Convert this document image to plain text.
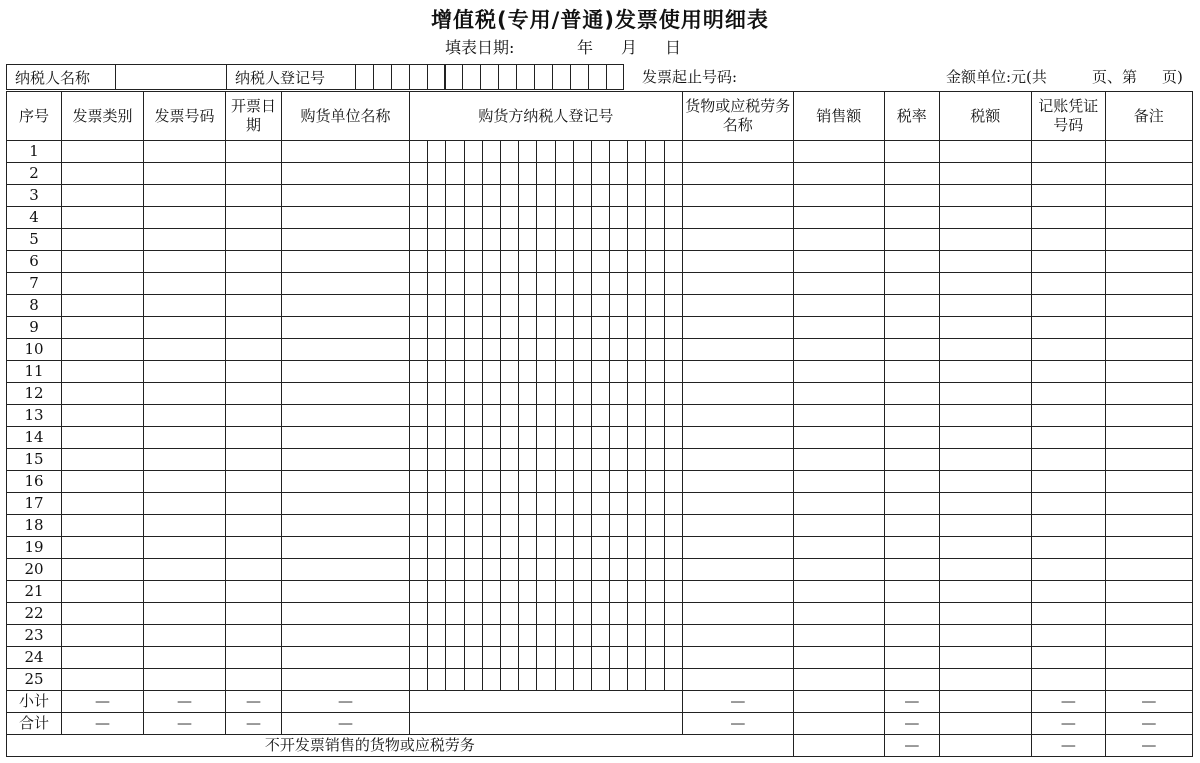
增值税(专用/普通)发票使用明细表
填表日期:	年	月	日
纳税人名称	纳税人登记号	发票起止号码:	金额单位:元(共	页、第 页)
序号	发票类别	发票号码	开票日期	购货单位名称	购货方纳税人登记号															货物或应税劳务名称	销售额	税率	税额	记账凭证号码	备注
1																									
2																									
3																									
4																									
5																									
6																									
7																									
8																									
9																									
10																									
11																									
12																									
13																									
14																									
15																									
16																									
17																									
18																									
19																									
20																									
21																									
22																									
23																									
24																									
25																									
小计	—	—	—	—																—		—		—	—
合计	—	—	—	—																—		—		—	—
不开发票销售的货物或应税劳务																						—		—	—
